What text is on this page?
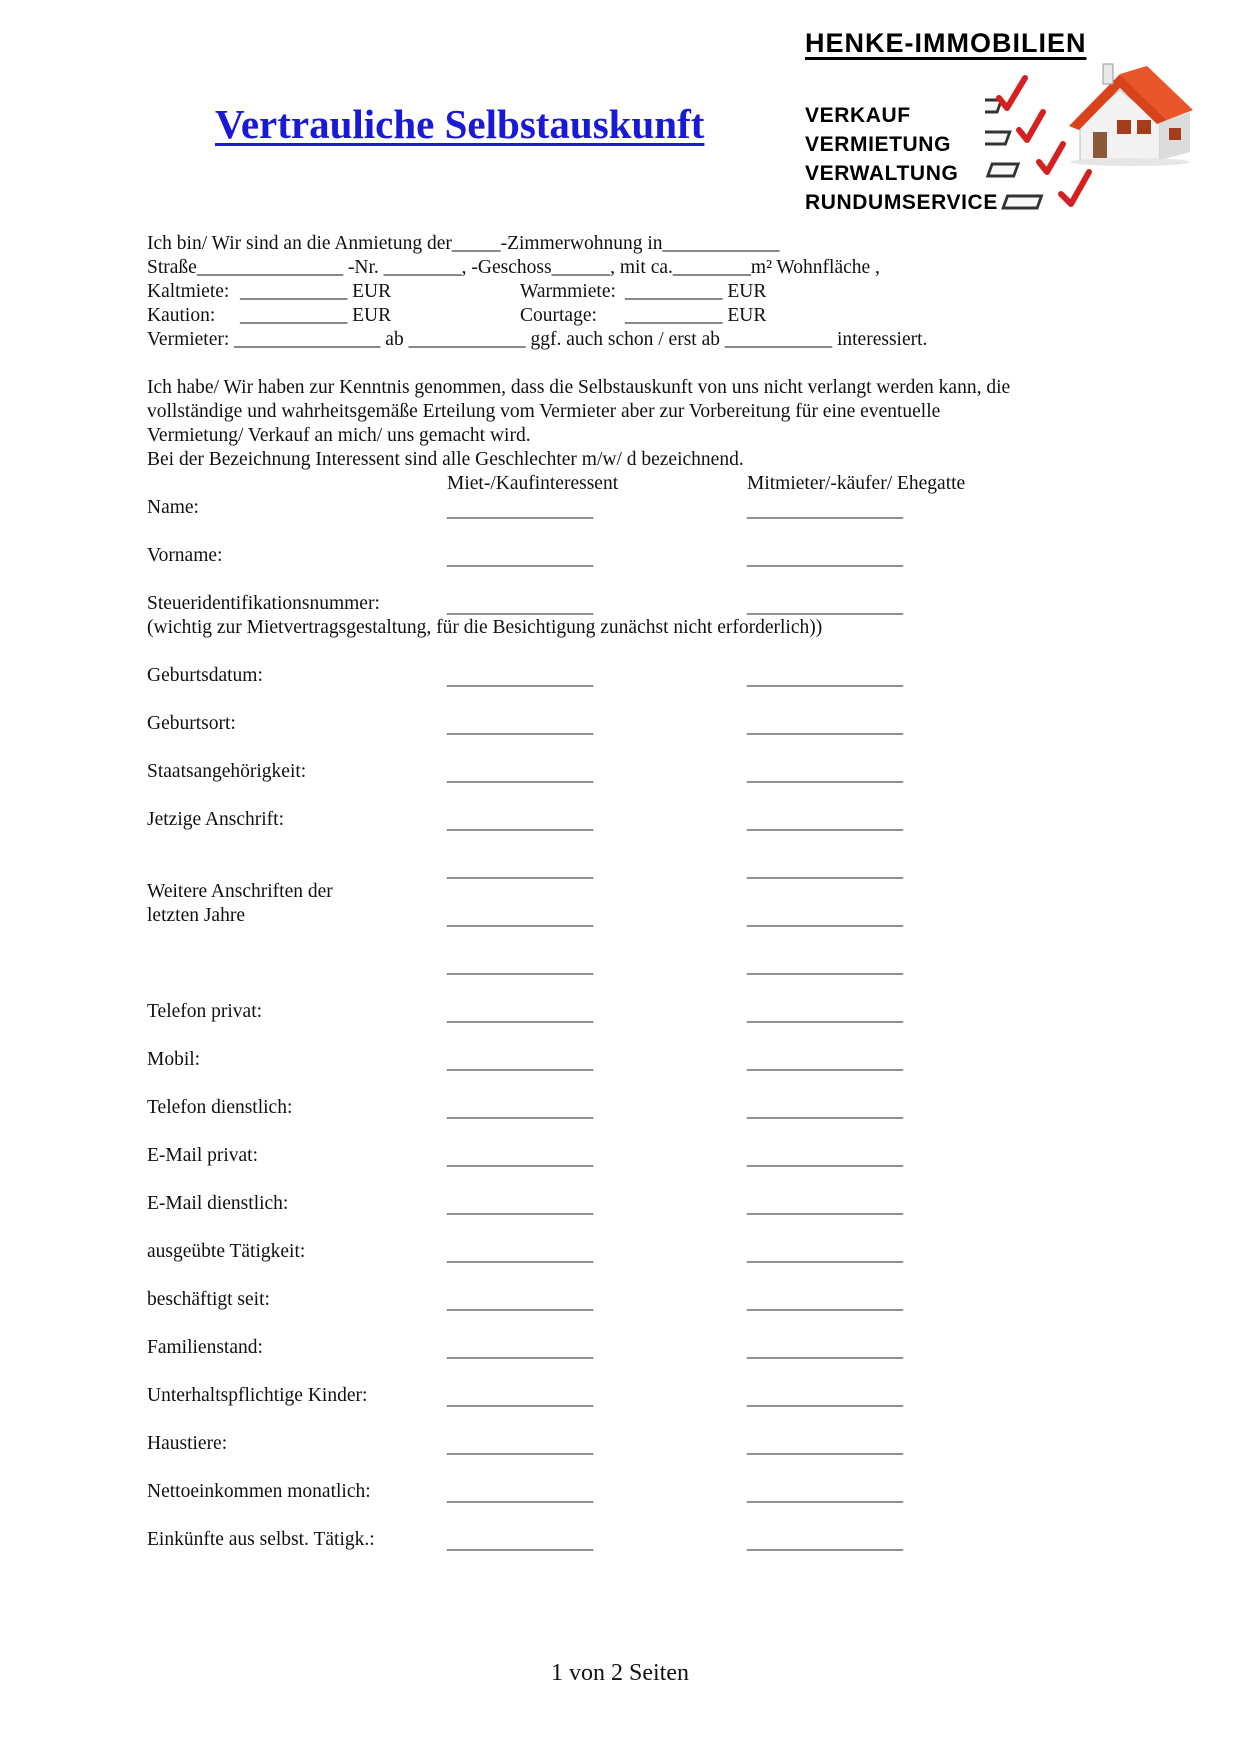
Vertrauliche Selbstauskunft
HENKE-IMMOBILIEN
VERKAUF
VERMIETUNG
VERWALTUNG
RUNDUMSERVICE
Ich bin/ Wir sind an die Anmietung der_____-Zimmerwohnung in____________
Straße_______________ -Nr. ________, -Geschoss______, mit ca.________m² Wohnfläche ,
Kaltmiete: ___________ EUR	Warmmiete: __________ EUR
Kaution: ___________ EUR	Courtage: __________ EUR
Vermieter: _______________ ab ____________ ggf. auch schon / erst ab ___________ interessiert.
Ich habe/ Wir haben zur Kenntnis genommen, dass die Selbstauskunft von uns nicht verlangt werden kann, die
vollständige und wahrheitsgemäße Erteilung vom Vermieter aber zur Vorbereitung für eine eventuelle
Vermietung/ Verkauf an mich/ uns gemacht wird.
Bei der Bezeichnung Interessent sind alle Geschlechter m/w/ d bezeichnend.
Miet-/Kaufinteressent	Mitmieter/-käufer/ Ehegatte
Name:	_______________	________________
Vorname:	_______________	________________
Steueridentifikationsnummer:	_______________	________________
(wichtig zur Mietvertragsgestaltung, für die Besichtigung zunächst nicht erforderlich))
Geburtsdatum:	_______________	________________
Geburtsort:	_______________	________________
Staatsangehörigkeit:	_______________	________________
Jetzige Anschrift:	_______________	________________
_______________	________________
Weitere Anschriften der
letzten Jahre	_______________	________________
_______________	________________
Telefon privat:	_______________	________________
Mobil:	_______________	________________
Telefon dienstlich:	_______________	________________
E-Mail privat:	_______________	________________
E-Mail dienstlich:	_______________	________________
ausgeübte Tätigkeit:	_______________	________________
beschäftigt seit:	_______________	________________
Familienstand:	_______________	________________
Unterhaltspflichtige Kinder:	_______________	________________
Haustiere:	_______________	________________
Nettoeinkommen monatlich:	_______________	________________
Einkünfte aus selbst. Tätigk.:	_______________	________________
1 von 2 Seiten
